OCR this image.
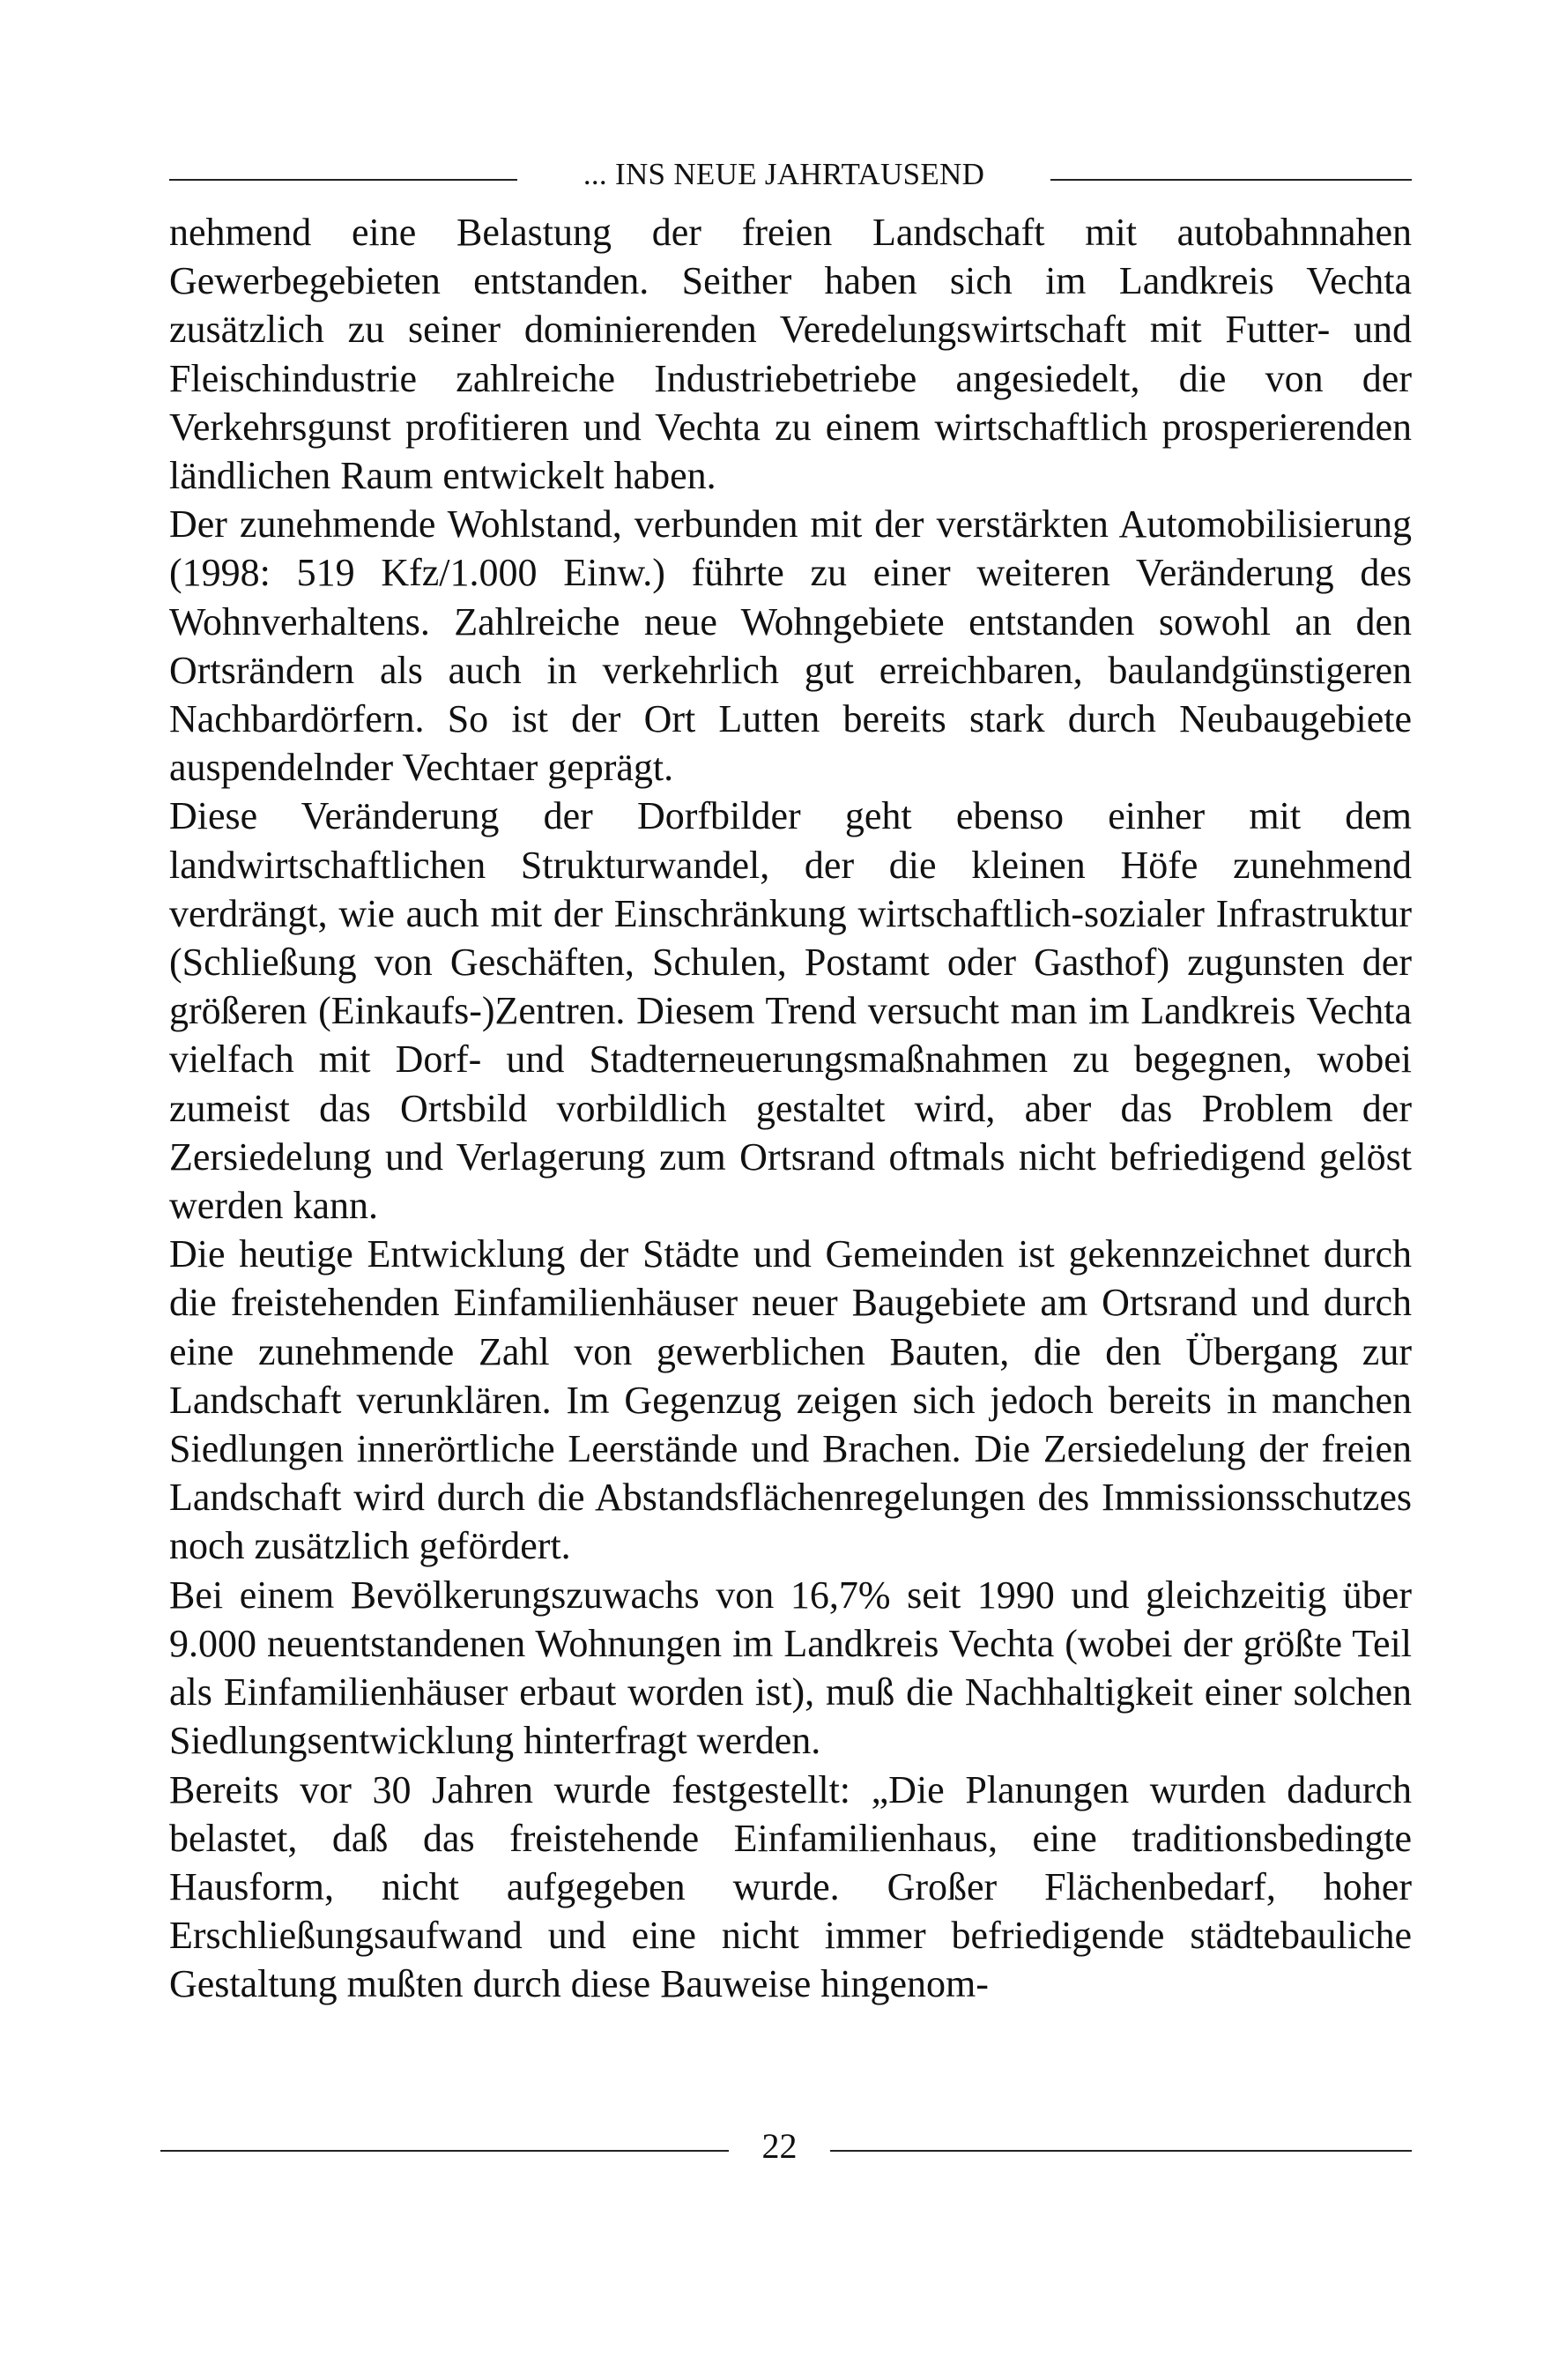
... INS NEUE JAHRTAUSEND

nehmend eine Belastung der freien Landschaft mit autobahnnahen Gewerbegebieten entstanden. Seither haben sich im Landkreis Vechta zusätzlich zu seiner dominierenden Veredelungswirtschaft mit Futter- und Fleischindustrie zahlreiche Industriebetriebe angesiedelt, die von der Verkehrsgunst profitieren und Vechta zu einem wirtschaftlich prosperierenden ländlichen Raum entwickelt haben.

Der zunehmende Wohlstand, verbunden mit der verstärkten Automobilisierung (1998: 519 Kfz/1.000 Einw.) führte zu einer weiteren Veränderung des Wohnverhaltens. Zahlreiche neue Wohngebiete entstanden sowohl an den Ortsrändern als auch in verkehrlich gut erreichbaren, baulandgünstigeren Nachbardörfern. So ist der Ort Lutten bereits stark durch Neubaugebiete auspendelnder Vechtaer geprägt.

Diese Veränderung der Dorfbilder geht ebenso einher mit dem landwirtschaftlichen Strukturwandel, der die kleinen Höfe zunehmend verdrängt, wie auch mit der Einschränkung wirtschaftlich-sozialer Infrastruktur (Schließung von Geschäften, Schulen, Postamt oder Gasthof) zugunsten der größeren (Einkaufs-)Zentren. Diesem Trend versucht man im Landkreis Vechta vielfach mit Dorf- und Stadterneuerungsmaßnahmen zu begegnen, wobei zumeist das Ortsbild vorbildlich gestaltet wird, aber das Problem der Zersiedelung und Verlagerung zum Ortsrand oftmals nicht befriedigend gelöst werden kann.

Die heutige Entwicklung der Städte und Gemeinden ist gekennzeichnet durch die freistehenden Einfamilienhäuser neuer Baugebiete am Ortsrand und durch eine zunehmende Zahl von gewerblichen Bauten, die den Übergang zur Landschaft verunklären. Im Gegenzug zeigen sich jedoch bereits in manchen Siedlungen innerörtliche Leerstände und Brachen. Die Zersiedelung der freien Landschaft wird durch die Abstandsflächenregelungen des Immissionsschutzes noch zusätzlich gefördert.

Bei einem Bevölkerungszuwachs von 16,7% seit 1990 und gleichzeitig über 9.000 neuentstandenen Wohnungen im Landkreis Vechta (wobei der größte Teil als Einfamilienhäuser erbaut worden ist), muß die Nachhaltigkeit einer solchen Siedlungsentwicklung hinterfragt werden.

Bereits vor 30 Jahren wurde festgestellt: „Die Planungen wurden dadurch belastet, daß das freistehende Einfamilienhaus, eine traditionsbedingte Hausform, nicht aufgegeben wurde. Großer Flächenbedarf, hoher Erschließungsaufwand und eine nicht immer befriedigende städtebauliche Gestaltung mußten durch diese Bauweise hingenom-

22
